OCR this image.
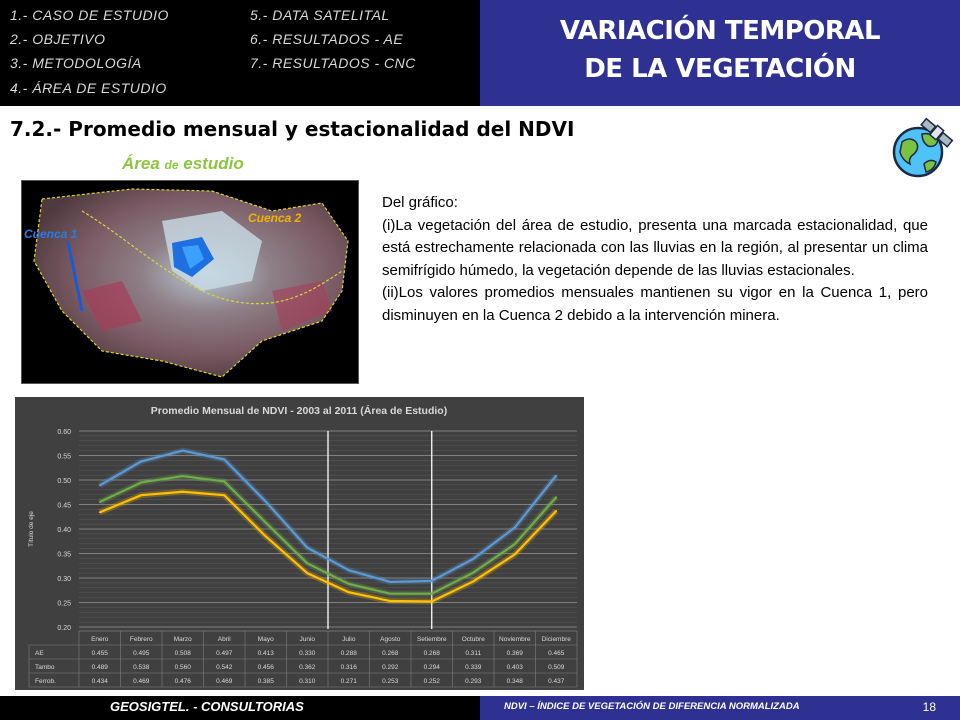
1.- CASO DE ESTUDIO
2.- OBJETIVO
3.- METODOLOGÍA
4.- ÁREA DE ESTUDIO
5.- DATA SATELITAL
6.- RESULTADOS - AE
7.- RESULTADOS - CNC
VARIACIÓN TEMPORAL
DE LA VEGETACIÓN
7.2.- Promedio mensual y estacionalidad del NDVI
Área de estudio
Cuenca 1
Cuenca 2

Del gráfico:

(i)La vegetación del área de estudio, presenta una marcada estacionalidad, que está estrechamente relacionada con las lluvias en la región, al presentar un clima semifrígido húmedo, la vegetación depende de las lluvias estacionales.

(ii)Los valores promedios mensuales mantienen su vigor en la Cuenca 1, pero disminuyen en la Cuenca 2 debido a la intervención minera.

Promedio Mensual de NDVI - 2003 al 2011 (Área de Estudio)
0.60
0.55
0.50
0.45
0.40
0.35
0.30
0.25
0.20
Título de eje
Enero	Febrero	Marzo	Abril	Mayo	Junio	Julio	Agosto	Setiembre Octubre Noviembre Diciembre
AE	0.455	0.495	0.508	0.497	0.413	0.330	0.288	0.268	0.268	0.311	0.369	0.465
Tambo	0.489	0.538	0.560	0.542	0.456	0.362	0.316	0.292	0.294	0.339	0.403	0.509
Ferrob.	0.434	0.469	0.476	0.469	0.385	0.310	0.271	0.253	0.252	0.293	0.348	0.437
GEOSIGTEL. - CONSULTORIAS	NDVI – ÍNDICE DE VEGETACIÓN DE DIFERENCIA NORMALIZADA	18
